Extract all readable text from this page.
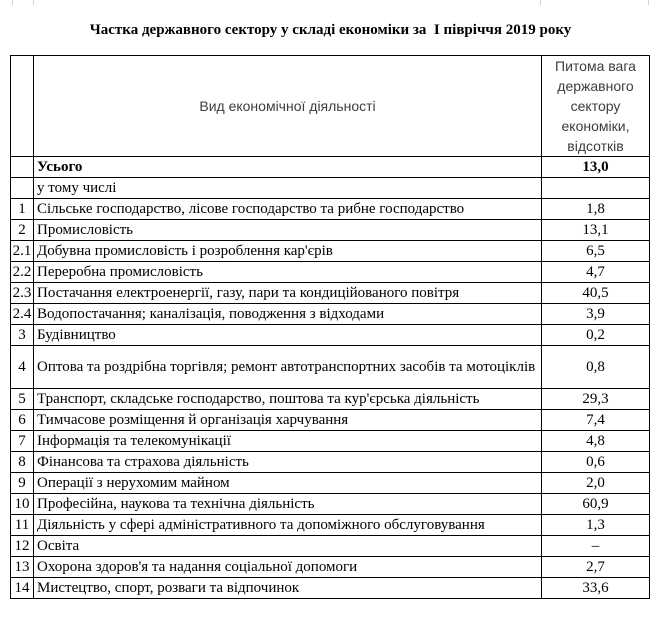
Частка державного сектору у складі економіки за  І півріччя 2019 року
	Вид економічної діяльності	Питома вага державного сектору економіки, відсотків
	Усього	13,0
	у тому числі	
1	Сільське господарство, лісове господарство та рибне господарство	1,8
2	Промисловість	13,1
2.1	Добувна промисловість і розроблення кар'єрів	6,5
2.2	Переробна промисловість	4,7
2.3	Постачання електроенергії, газу, пари та кондиційованого повітря	40,5
2.4	Водопостачання; каналізація, поводження з відходами	3,9
3	Будівництво	0,2
4	Оптова та роздрібна торгівля; ремонт автотранспортних засобів та мотоціклів	0,8
5	Транспорт, складське господарство, поштова та кур'єрська діяльність	29,3
6	Тимчасове розміщення й організація харчування	7,4
7	Інформація та телекомунікації	4,8
8	Фінансова та страхова діяльність	0,6
9	Операції з нерухомим майном	2,0
10	Професійна, наукова та технічна діяльність	60,9
11	Діяльність у сфері адміністративного та допоміжного обслуговування	1,3
12	Освіта	–
13	Охорона здоров'я та надання соціальної допомоги	2,7
14	Мистецтво, спорт, розваги та відпочинок	33,6
